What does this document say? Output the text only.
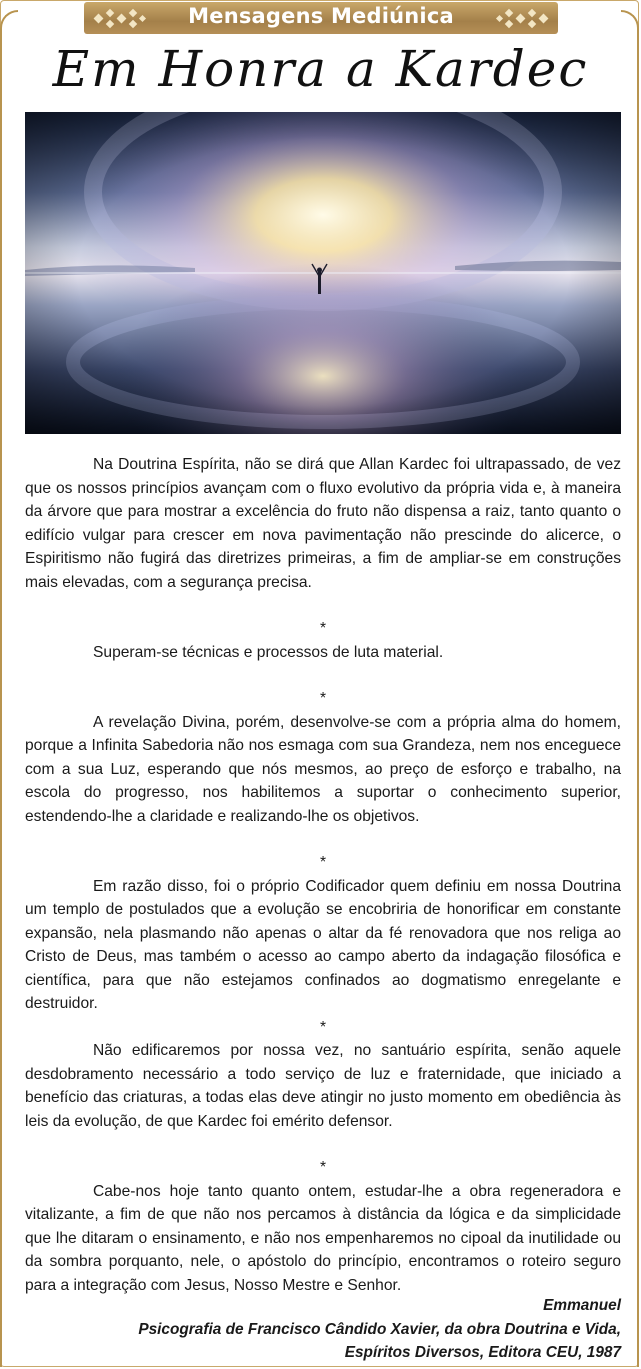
Mensagens Mediúnica
Em Honra a Kardec

Na Doutrina Espírita, não se dirá que Allan Kardec foi ultrapassado, de vez que os nossos princípios avançam com o fluxo evolutivo da própria vida e, à maneira da árvore que para mostrar a excelência do fruto não dispensa a raiz, tanto quanto o edifício vulgar para crescer em nova pavimentação não prescinde do alicerce, o Espiritismo não fugirá das diretrizes primeiras, a fim de ampliar-se em construções mais elevadas, com a segurança precisa.

*

Superam-se técnicas e processos de luta material.

*

A revelação Divina, porém, desenvolve-se com a própria alma do homem, porque a Infinita Sabedoria não nos esmaga com sua Grandeza, nem nos enceguece com a sua Luz, esperando que nós mesmos, ao preço de esforço e trabalho, na escola do progresso, nos habilitemos a suportar o conhecimento superior, estendendo-lhe a claridade e realizando-lhe os objetivos.

*

Em razão disso, foi o próprio Codificador quem definiu em nossa Doutrina um templo de postulados que a evolução se encobriria de honorificar em constante expansão, nela plasmando não apenas o altar da fé renovadora que nos religa ao Cristo de Deus, mas também o acesso ao campo aberto da indagação filosófica e científica, para que não estejamos confinados ao dogmatismo enregelante e destruidor.

*

Não edificaremos por nossa vez, no santuário espírita, senão aquele desdobramento necessário a todo serviço de luz e fraternidade, que iniciado a benefício das criaturas, a todas elas deve atingir no justo momento em obediência às leis da evolução, de que Kardec foi emérito defensor.

*

Cabe-nos hoje tanto quanto ontem, estudar-lhe a obra regeneradora e vitalizante, a fim de que não nos percamos à distância da lógica e da simplicidade que lhe ditaram o ensinamento, e não nos empenharemos no cipoal da inutilidade ou da sombra porquanto, nele, o apóstolo do princípio, encontramos o roteiro seguro para a integração com Jesus, Nosso Mestre e Senhor.

Emmanuel
Psicografia de Francisco Cândido Xavier, da obra Doutrina e Vida,
Espíritos Diversos, Editora CEU, 1987
